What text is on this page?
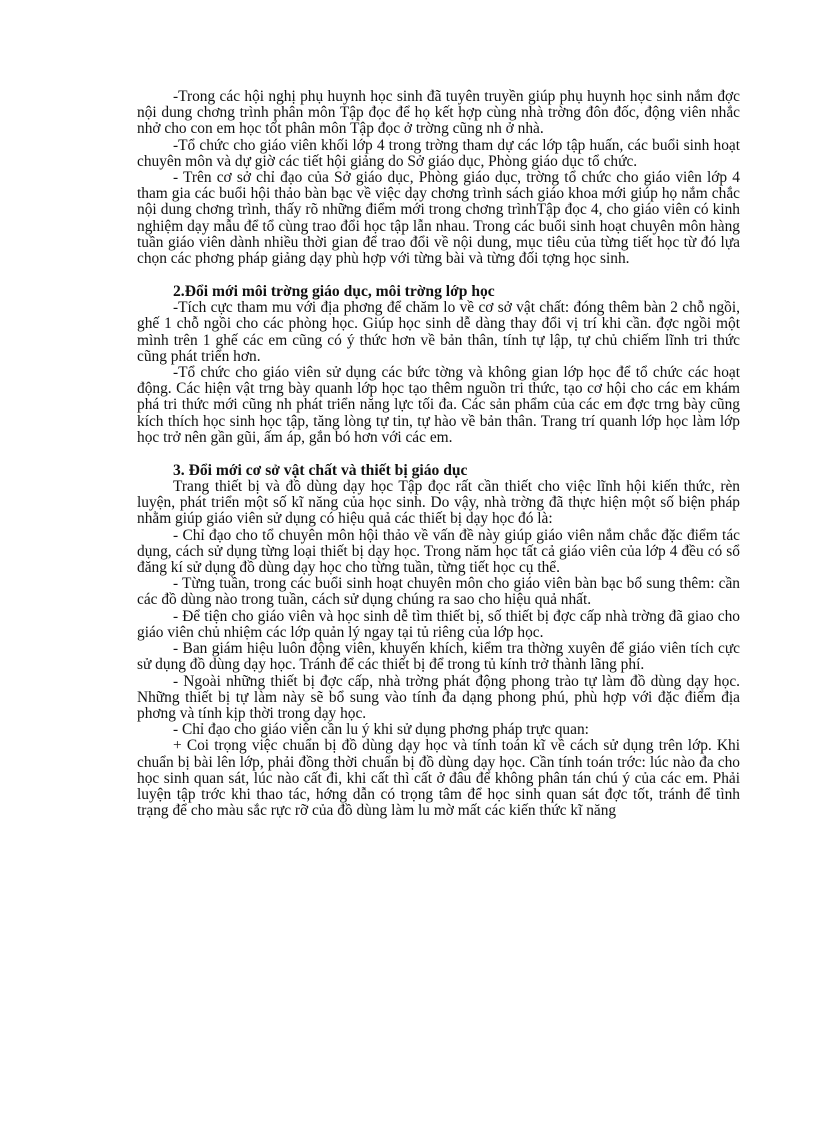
-Trong các hội nghị phụ huynh học sinh đã tuyên truyền giúp phụ huynh học sinh nắm đợc nội dung chơng trình phân môn Tập đọc để họ kết hợp cùng nhà trờng đôn đốc, động viên nhắc nhở cho con em học tốt phân môn Tập đọc ở trờng cũng nh ở nhà.

-Tổ chức cho giáo viên khối lớp 4 trong trờng tham dự các lớp tập huấn, các buổi sinh hoạt chuyên môn và dự giờ các tiết hội giảng do Sở giáo dục, Phòng giáo dục tổ chức.

- Trên cơ sở chỉ đạo của Sở giáo dục, Phòng giáo dục, trờng tổ chức cho giáo viên lớp 4 tham gia các buổi hội thảo bàn bạc về việc dạy chơng trình sách giáo khoa mới giúp họ nắm chắc nội dung chơng trình, thấy rõ những điểm mới trong chơng trìnhTập đọc 4, cho giáo viên có kinh nghiệm dạy mẫu để tổ cùng trao đổi học tập lẫn nhau. Trong các buổi sinh hoạt chuyên môn hàng tuần giáo viên dành nhiều thời gian để trao đổi về nội dung, mục tiêu của từng tiết học từ đó lựa chọn các phơng pháp giảng dạy phù hợp với từng bài và từng đối tợng học sinh.

2.Đổi mới môi trờng giáo dục, môi trờng lớp học

-Tích cực tham mu với địa phơng để chăm lo về cơ sở vật chất: đóng thêm bàn 2 chỗ ngồi, ghế 1 chỗ ngồi cho các phòng học. Giúp học sinh dễ dàng thay đổi vị trí khi cần. đợc ngồi một mình trên 1 ghế các em cũng có ý thức hơn về bản thân, tính tự lập, tự chủ chiếm lĩnh tri thức cũng phát triển hơn.

-Tổ chức cho giáo viên sử dụng các bức tờng và không gian lớp học để tổ chức các hoạt động. Các hiện vật trng bày quanh lớp học tạo thêm nguồn tri thức, tạo cơ hội cho các em khám phá tri thức mới cũng nh phát triển năng lực tối đa. Các sản phẩm của các em đợc trng bày cũng kích thích học sinh học tập, tăng lòng tự tin, tự hào về bản thân. Trang trí quanh lớp học làm lớp học trở nên gần gũi, ấm áp, gắn bó hơn với các em.

3. Đổi mới cơ sở vật chất và thiết bị giáo dục

Trang thiết bị và đồ dùng dạy học Tập đọc rất cần thiết cho việc lĩnh hội kiến thức, rèn luyện, phát triển một số kĩ năng của học sinh. Do vậy, nhà trờng đã thực hiện một số biện pháp nhằm giúp giáo viên sử dụng có hiệu quả các thiết bị dạy học đó là:

- Chỉ đạo cho tổ chuyên môn hội thảo về vấn đề này giúp giáo viên nắm chắc đặc điểm tác dụng, cách sử dụng từng loại thiết bị dạy học. Trong năm học tất cả giáo viên của lớp 4 đều có sổ đăng kí sử dụng đồ dùng dạy học cho từng tuần, từng tiết học cụ thể.

- Từng tuần, trong các buổi sinh hoạt chuyên môn cho giáo viên bàn bạc bổ sung thêm: cần các đồ dùng nào trong tuần, cách sử dụng chúng ra sao cho hiệu quả nhất.

- Để tiện cho giáo viên và học sinh dễ tìm thiết bị, số thiết bị đợc cấp nhà trờng đã giao cho giáo viên chủ nhiệm các lớp quản lý ngay tại tủ riêng của lớp học.

- Ban giám hiệu luôn động viên, khuyến khích, kiểm tra thờng xuyên để giáo viên tích cực sử dụng đồ dùng dạy học. Tránh để các thiết bị để trong tủ kính trở thành lãng phí.

- Ngoài những thiết bị đợc cấp, nhà trờng phát động phong trào tự làm đồ dùng dạy học. Những thiết bị tự làm này sẽ bổ sung vào tính đa dạng phong phú, phù hợp với đặc điểm địa phơng và tính kịp thời trong dạy học.

- Chỉ đạo cho giáo viên cần lu ý khi sử dụng phơng pháp trực quan:

+ Coi trọng việc chuẩn bị đồ dùng dạy học và tính toán kĩ về cách sử dụng trên lớp. Khi chuẩn bị bài lên lớp, phải đồng thời chuẩn bị đồ dùng dạy học. Cần tính toán trớc: lúc nào đa cho học sinh quan sát, lúc nào cất đi, khi cất thì cất ở đâu để không phân tán chú ý của các em. Phải luyện tập trớc khi thao tác, hớng dẫn có trọng tâm để học sinh quan sát đợc tốt, tránh để tình trạng để cho màu sắc rực rỡ của đồ dùng làm lu mờ mất các kiến thức kĩ năng
